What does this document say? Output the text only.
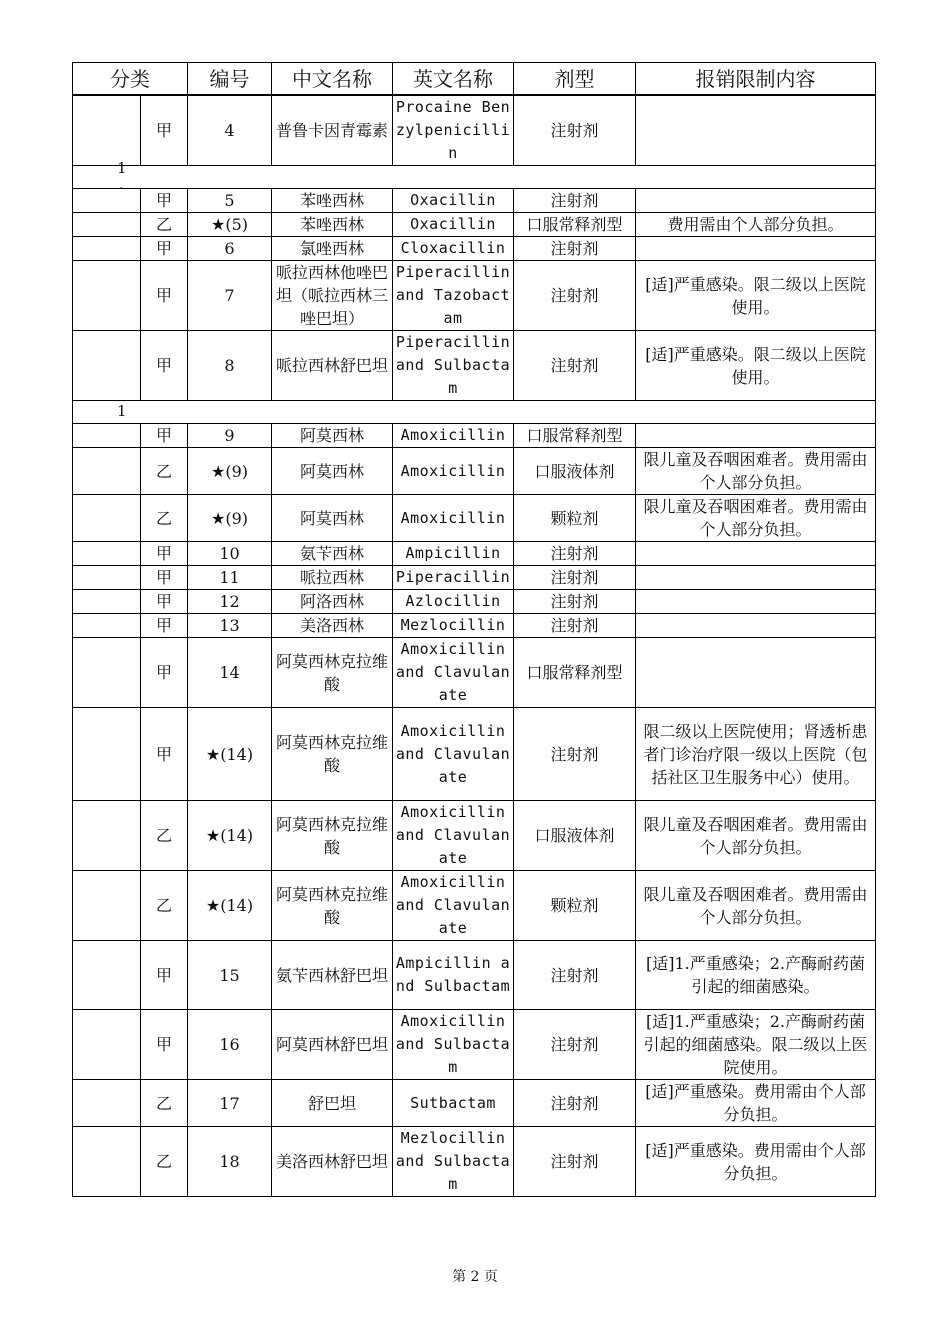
分类		编号	中文名称	英文名称	剂型	报销限制内容
	甲	4	普鲁卡因青霉素	Procaine Benzylpenicillin	注射剂	

1
·						

	甲	5	苯唑西林	Oxacillin	注射剂	
	乙	★(5)	苯唑西林	Oxacillin	口服常释剂型	费用需由个人部分负担。
	甲	6	氯唑西林	Cloxacillin	注射剂	
	甲	7	哌拉西林他唑巴坦（哌拉西林三唑巴坦）	Piperacillin and Tazobactam	注射剂	[适]严重感染。限二级以上医院使用。
	甲	8	哌拉西林舒巴坦	Piperacillin and Sulbactam	注射剂	[适]严重感染。限二级以上医院使用。

1						

	甲	9	阿莫西林	Amoxicillin	口服常释剂型	
	乙	★(9)	阿莫西林	Amoxicillin	口服液体剂	限儿童及吞咽困难者。费用需由个人部分负担。
	乙	★(9)	阿莫西林	Amoxicillin	颗粒剂	限儿童及吞咽困难者。费用需由个人部分负担。
	甲	10	氨苄西林	Ampicillin	注射剂	
	甲	11	哌拉西林	Piperacillin	注射剂	
	甲	12	阿洛西林	Azlocillin	注射剂	
	甲	13	美洛西林	Mezlocillin	注射剂	
	甲	14	阿莫西林克拉维酸	Amoxicillin and Clavulanate	口服常释剂型	
	甲	★(14)	阿莫西林克拉维酸	Amoxicillin and Clavulanate	注射剂	限二级以上医院使用；肾透析患者门诊治疗限一级以上医院（包括社区卫生服务中心）使用。
	乙	★(14)	阿莫西林克拉维酸	Amoxicillin and Clavulanate	口服液体剂	限儿童及吞咽困难者。费用需由个人部分负担。
	乙	★(14)	阿莫西林克拉维酸	Amoxicillin and Clavulanate	颗粒剂	限儿童及吞咽困难者。费用需由个人部分负担。
	甲	15	氨苄西林舒巴坦	Ampicillin and Sulbactam	注射剂	[适]1.严重感染；2.产酶耐药菌引起的细菌感染。
	甲	16	阿莫西林舒巴坦	Amoxicillin and Sulbactam	注射剂	[适]1.严重感染；2.产酶耐药菌引起的细菌感染。限二级以上医院使用。
	乙	17	舒巴坦	Sutbactam	注射剂	[适]严重感染。费用需由个人部分负担。
	乙	18	美洛西林舒巴坦	Mezlocillin and Sulbactam	注射剂	[适]严重感染。费用需由个人部分负担。
第 2 页
